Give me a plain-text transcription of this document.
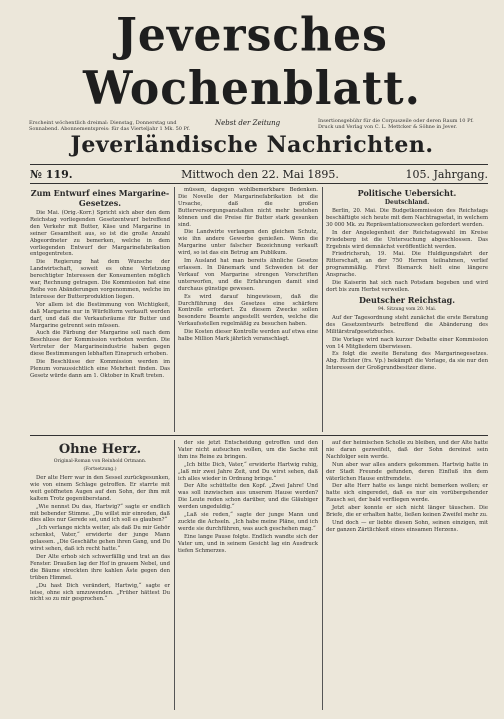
Jeversches Wochenblatt.
Erscheint wöchentlich dreimal: Dienstag, Donnerstag und Sonnabend. Abonnementspreis: für das Vierteljahr 1 Mk. 50 Pf.
Nebst der Zeitung	Insertionsgebühr für die Corpuszeile oder deren Raum 10 Pf. Druck und Verlag von C. L. Mettcker & Söhne in Jever.
Jeverländische Nachrichten.
№ 119.	Mittwoch den 22. Mai 1895.	105. Jahrgang.
Zum Entwurf eines Margarine-Gesetzes.

Die Mai. (Orig.-Korr.) Spricht sich aber den dem Reichstag vorliegenden Gesetzentwurf betreffend den Verkehr mit Butter, Käse und Margarine in seiner Gesamtheit aus, so ist die große Anzahl Abgeordneter zu bemerken, welche in dem vorliegenden Entwurf der Margarinefabrikation entgegentreten.

Die Regierung hat dem Wunsche der Landwirtschaft, soweit es ohne Verletzung berechtigter Interessen der Konsumenten möglich war, Rechnung getragen. Die Kommission hat eine Reihe von Abänderungen vorgenommen, welche im Interesse der Butterproduktion liegen.

Vor allem ist die Bestimmung von Wichtigkeit, daß Margarine nur in Würfelform verkauft werden darf, und daß die Verkaufsräume für Butter und Margarine getrennt sein müssen.

Auch die Färbung der Margarine soll nach dem Beschlusse der Kommission verboten werden. Die Vertreter der Margarineindustrie haben gegen diese Bestimmungen lebhaften Einspruch erhoben.

Die Beschlüsse der Kommission werden im Plenum voraussichtlich eine Mehrheit finden. Das Gesetz würde dann am 1. Oktober in Kraft treten.

Ohne Herz.
Original-Roman von Reinhold Ortmann.
(Fortsetzung.)

Der alte Herr war in den Sessel zurückgesunken, wie von einem Schlage getroffen. Er starrte mit weit geöffneten Augen auf den Sohn, der ihm mit kaltem Trotz gegenüberstand.

„Wie nennst Du das, Hartwig?“ sagte er endlich mit bebender Stimme. „Du willst mir einreden, daß dies alles nur Gerede sei, und ich soll es glauben?“

„Ich verlange nichts weiter, als daß Du mir Gehör schenkst, Vater,“ erwiderte der junge Mann gelassen. „Die Geschäfte gehen ihren Gang, und Du wirst sehen, daß ich recht hatte.“

Der Alte erhob sich schwerfällig und trat an das Fenster. Draußen lag der Hof in grauem Nebel, und die Bäume streckten ihre kahlen Äste gegen den trüben Himmel.

„Du hast Dich verändert, Hartwig,“ sagte er leise, ohne sich umzuwenden. „Früher hättest Du nicht so zu mir gesprochen.“

müssen, dagegen wohlbemerkbare Bedenken. Die Novelle der Margarinefabrikation ist die Ursache, daß die großen Butterversorgungsanstalten nicht mehr bestehen können und die Preise für Butter stark gesunken sind.

Die Landwirte verlangen den gleichen Schutz, wie ihn andere Gewerbe genießen. Wenn die Margarine unter falscher Bezeichnung verkauft wird, so ist das ein Betrug am Publikum.

Im Ausland hat man bereits ähnliche Gesetze erlassen. In Dänemark und Schweden ist der Verkauf von Margarine strengen Vorschriften unterworfen, und die Erfahrungen damit sind durchaus günstige gewesen.

Es wird darauf hingewiesen, daß die Durchführung des Gesetzes eine schärfere Kontrolle erfordert. Zu diesem Zwecke sollen besondere Beamte angestellt werden, welche die Verkaufsstellen regelmäßig zu besuchen haben.

Die Kosten dieser Kontrolle werden auf etwa eine halbe Million Mark jährlich veranschlagt.

der sie jetzt Entscheidung getroffen und den Vater nicht aufsuchen wollen, um die Sache mit ihm ins Reine zu bringen.

„Ich bitte Dich, Vater,“ erwiderte Hartwig ruhig, „laß mir zwei Jahre Zeit, und Du wirst sehen, daß ich alles wieder in Ordnung bringe.“

Der Alte schüttelte den Kopf. „Zwei Jahre! Und was soll inzwischen aus unserem Hause werden? Die Leute reden schon darüber, und die Gläubiger werden ungeduldig.“

„Laß sie reden,“ sagte der junge Mann und zuckte die Achseln. „Ich habe meine Pläne, und ich werde sie durchführen, was auch geschehen mag.“

Eine lange Pause folgte. Endlich wandte sich der Vater um, und in seinem Gesicht lag ein Ausdruck tiefen Schmerzes.

Politische Uebersicht.
Deutschland.

Berlin, 20. Mai. Die Budgetkommission des Reichstags beschäftigte sich heute mit dem Nachtragsetat, in welchem 30 000 Mk. zu Repräsentationszwecken gefordert werden.

In der Angelegenheit der Reichstagswahl im Kreise Friedeberg ist die Untersuchung abgeschlossen. Das Ergebnis wird demnächst veröffentlicht werden.

Friedrichsruh, 19. Mai. Die Huldigungsfahrt der Ritterschaft, an der 750 Herren teilnahmen, verlief programmäßig. Fürst Bismarck hielt eine längere Ansprache.

Die Kaiserin hat sich nach Potsdam begeben und wird dort bis zum Herbst verweilen.

Deutscher Reichstag.
94. Sitzung vom 20. Mai.

Auf der Tagesordnung steht zunächst die erste Beratung des Gesetzentwurfs betreffend die Abänderung des Militärstrafgesetzbuches.

Die Vorlage wird nach kurzer Debatte einer Kommission von 14 Mitgliedern überwiesen.

Es folgt die zweite Beratung des Margarinegesetzes. Abg. Richter (frs. Vp.) bekämpft die Vorlage, da sie nur den Interessen der Großgrundbesitzer diene.

auf der heimischen Scholle zu bleiben, und der Alte hatte nie daran gezweifelt, daß der Sohn dereinst sein Nachfolger sein werde.

Nun aber war alles anders gekommen. Hartwig hatte in der Stadt Freunde gefunden, deren Einfluß ihn dem väterlichen Hause entfremdete.

Der alte Herr hatte es lange nicht bemerken wollen; er hatte sich eingeredet, daß es nur ein vorübergehender Rausch sei, der bald verfliegen werde.

Jetzt aber konnte er sich nicht länger täuschen. Die Briefe, die er erhalten hatte, ließen keinen Zweifel mehr zu.

Und doch — er liebte diesen Sohn, seinen einzigen, mit der ganzen Zärtlichkeit eines einsamen Herzens.
